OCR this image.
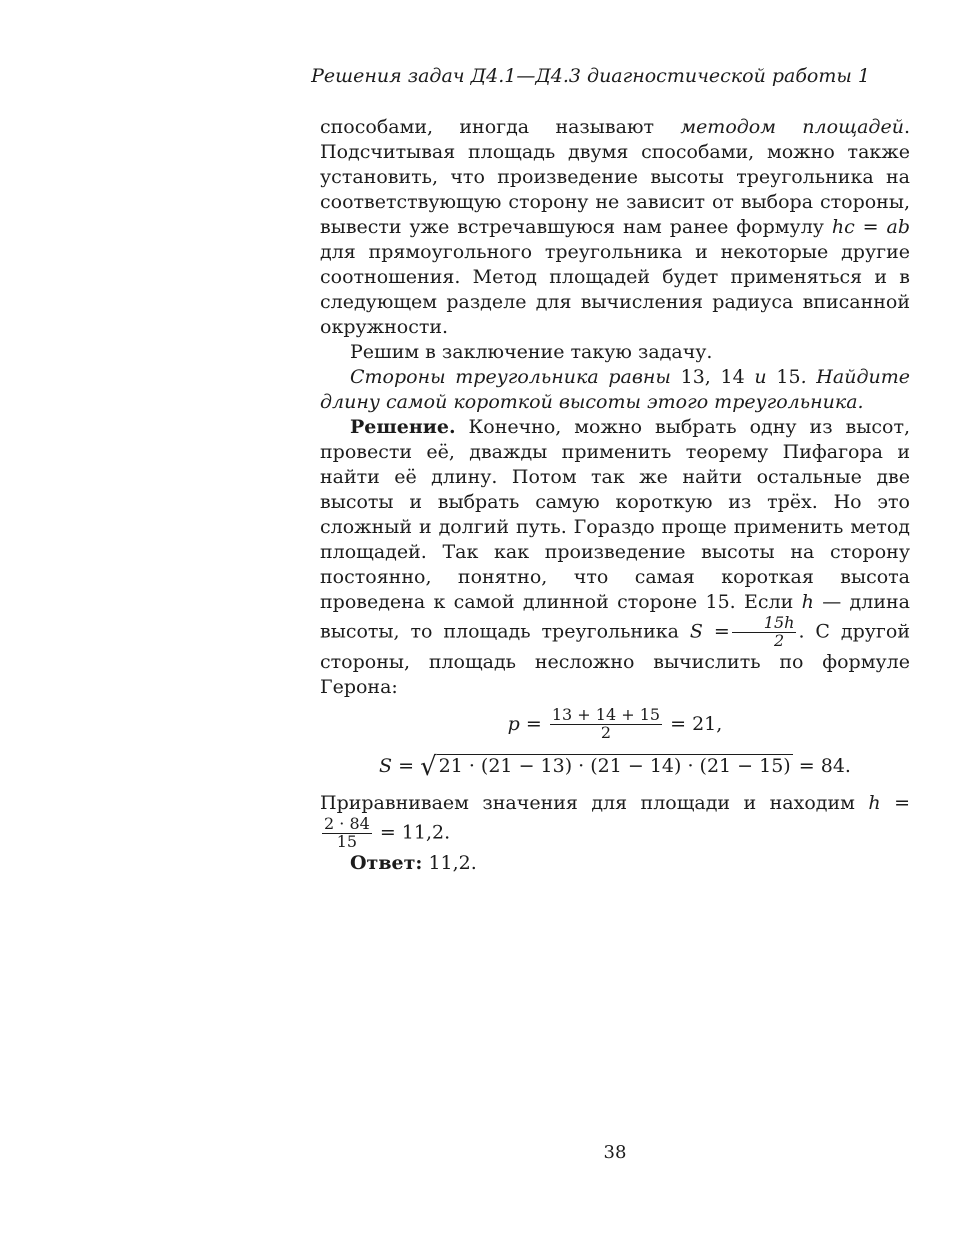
Решения задач Д4.1—Д4.3 диагностической работы 1

способами, иногда называют методом площадей. Подсчитывая площадь двумя способами, можно также установить, что произведение высоты треугольника на соответствующую сторону не зависит от выбора стороны, вывести уже встречавшуюся нам ранее формулу hc = ab для прямоугольного треугольника и некоторые другие соотношения. Метод площадей будет применяться и в следующем разделе для вычисления радиуса вписанной окружности.

Решим в заключение такую задачу.

Стороны треугольника равны 13, 14 и 15. Найдите длину самой короткой высоты этого треугольника.

Решение. Конечно, можно выбрать одну из высот, провести её, дважды применить теорему Пифагора и найти её длину. Потом так же найти остальные две высоты и выбрать самую короткую из трёх. Но это сложный и долгий путь. Гораздо проще применить метод площадей. Так как произведение высоты на сторону постоянно, понятно, что самая короткая высота проведена к самой длинной стороне 15. Если h — длина высоты, то площадь треугольника $S = \frac{15h}{2}$ . С другой стороны, площадь несложно вычислить по формуле Герона:

$p = \frac{13 + 14 + 15}{2} = 21$,
S = √ 21 · (21 − 13) · (21 − 14) · (21 − 15) = 84.

Приравниваем значения для площади и находим h =
$\frac{2 \cdot 84}{15} = 11,2$.

Ответ: 11,2.

38
